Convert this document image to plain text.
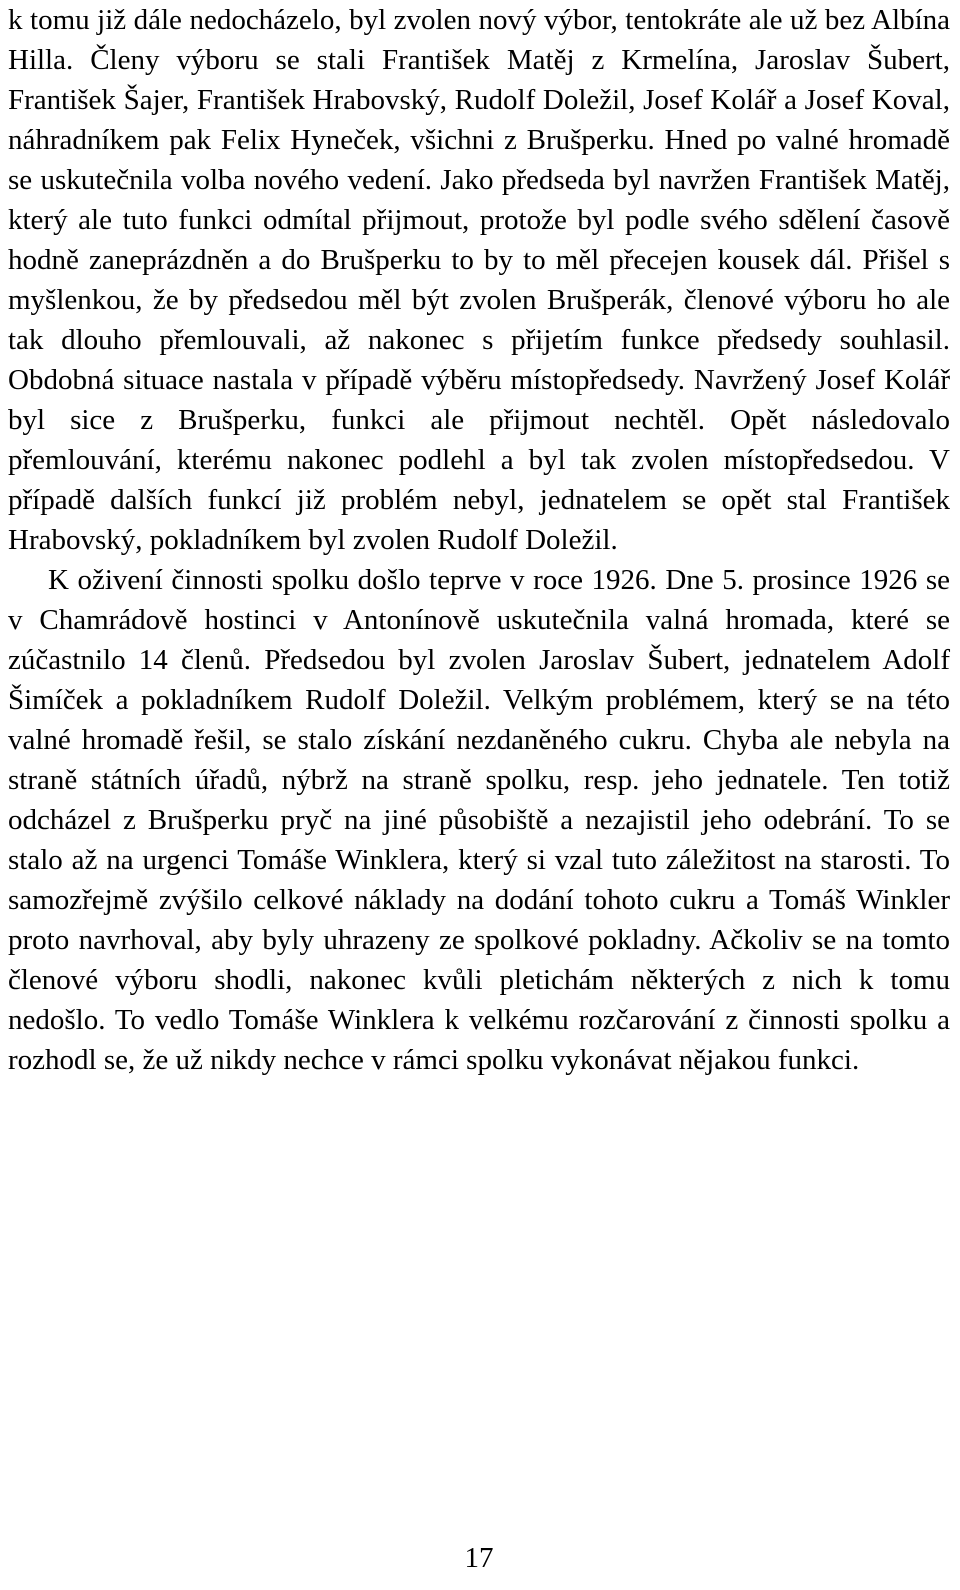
k tomu již dále nedocházelo, byl zvolen nový výbor, tentokráte ale už bez Albína Hilla. Členy výboru se stali František Matěj z Krmelína, Jaroslav Šubert, František Šajer, František Hrabovský, Rudolf Doležil, Josef Kolář a Josef Koval, náhradníkem pak Felix Hyneček, všichni z Brušperku. Hned po valné hromadě se uskutečnila volba nového vedení. Jako předseda byl navržen František Matěj, který ale tuto funkci odmítal přijmout, protože byl podle svého sdělení časově hodně zaneprázdněn a do Brušperku to by to měl přecejen kousek dál. Přišel s myšlenkou, že by předsedou měl být zvolen Brušperák, členové výboru ho ale tak dlouho přemlouvali, až nakonec s přijetím funkce předsedy souhlasil. Obdobná situace nastala v případě výběru místopředsedy. Navržený Josef Kolář byl sice z Brušperku, funkci ale přijmout nechtěl. Opět následovalo přemlouvání, kterému nakonec podlehl a byl tak zvolen místopředsedou. V případě dalších funkcí již problém nebyl, jednatelem se opět stal František Hrabovský, pokladníkem byl zvolen Rudolf Doležil.

K oživení činnosti spolku došlo teprve v roce 1926. Dne 5. prosince 1926 se v Chamrádově hostinci v Antonínově uskutečnila valná hromada, které se zúčastnilo 14 členů. Předsedou byl zvolen Jaroslav Šubert, jednatelem Adolf Šimíček a pokladníkem Rudolf Doležil. Velkým problémem, který se na této valné hromadě řešil, se stalo získání nezdaněného cukru. Chyba ale nebyla na straně státních úřadů, nýbrž na straně spolku, resp. jeho jednatele. Ten totiž odcházel z Brušperku pryč na jiné působiště a nezajistil jeho odebrání. To se stalo až na urgenci Tomáše Winklera, který si vzal tuto záležitost na starosti. To samozřejmě zvýšilo celkové náklady na dodání tohoto cukru a Tomáš Winkler proto navrhoval, aby byly uhrazeny ze spolkové pokladny. Ačkoliv se na tomto členové výboru shodli, nakonec kvůli pletichám některých z nich k tomu nedošlo. To vedlo Tomáše Winklera k velkému rozčarování z činnosti spolku a rozhodl se, že už nikdy nechce v rámci spolku vykonávat nějakou funkci.

17
